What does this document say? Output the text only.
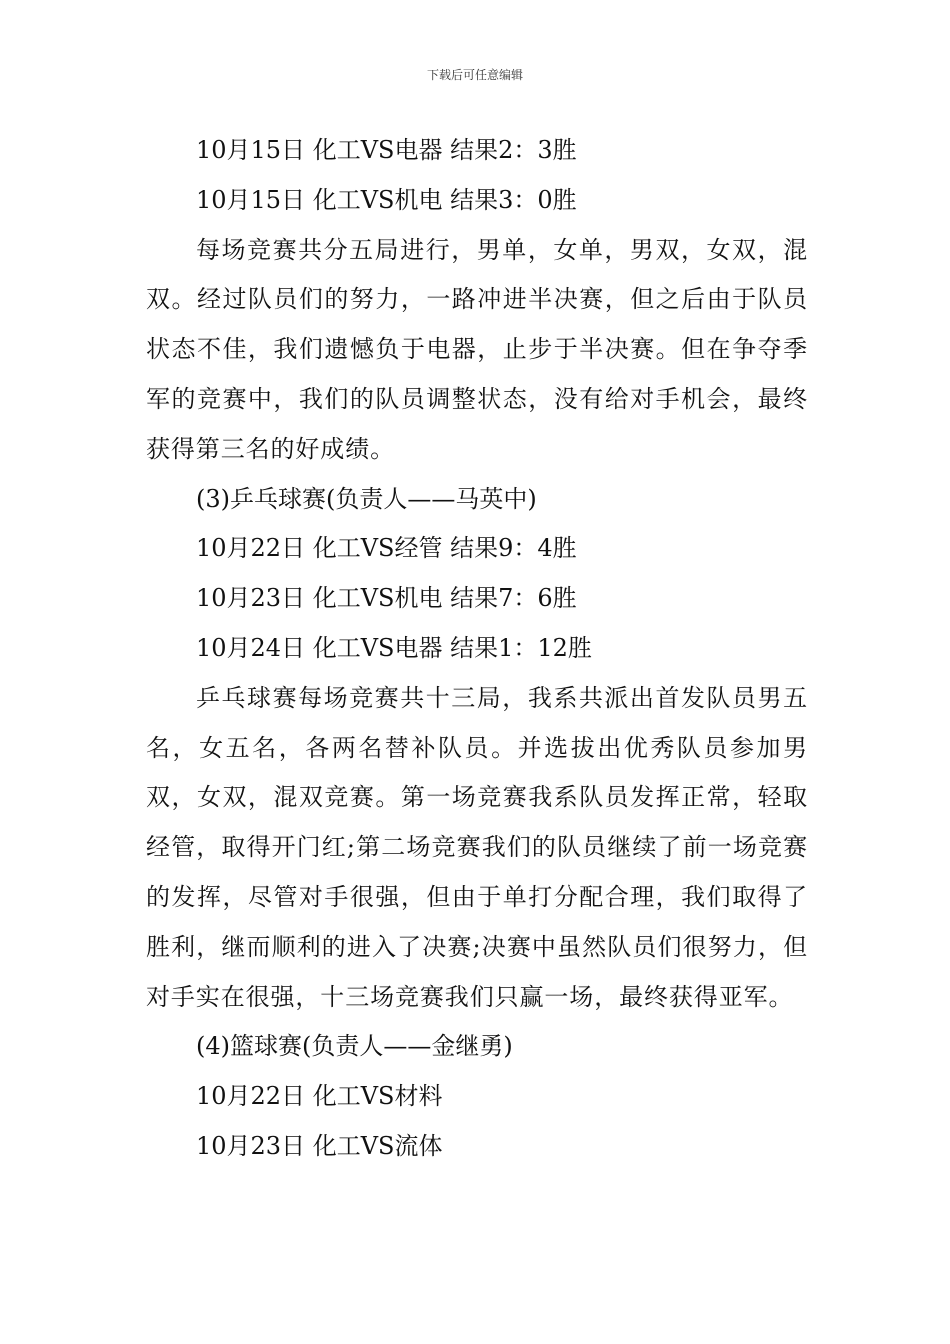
下载后可任意编辑
10月15日 化工VS电器 结果2：3胜
10月15日 化工VS机电 结果3：0胜
每场竞赛共分五局进行，男单，女单，男双，女双，混双。经过队员们的努力，一路冲进半决赛，但之后由于队员状态不佳，我们遗憾负于电器，止步于半决赛。但在争夺季军的竞赛中，我们的队员调整状态，没有给对手机会，最终获得第三名的好成绩。
(3)乒乓球赛(负责人——马英中)
10月22日 化工VS经管 结果9：4胜
10月23日 化工VS机电 结果7：6胜
10月24日 化工VS电器 结果1：12胜
乒乓球赛每场竞赛共十三局，我系共派出首发队员男五名，女五名，各两名替补队员。并选拔出优秀队员参加男双，女双，混双竞赛。第一场竞赛我系队员发挥正常，轻取经管，取得开门红;第二场竞赛我们的队员继续了前一场竞赛的发挥，尽管对手很强，但由于单打分配合理，我们取得了胜利，继而顺利的进入了决赛;决赛中虽然队员们很努力，但对手实在很强，十三场竞赛我们只赢一场，最终获得亚军。
(4)篮球赛(负责人——金继勇)
10月22日 化工VS材料
10月23日 化工VS流体
